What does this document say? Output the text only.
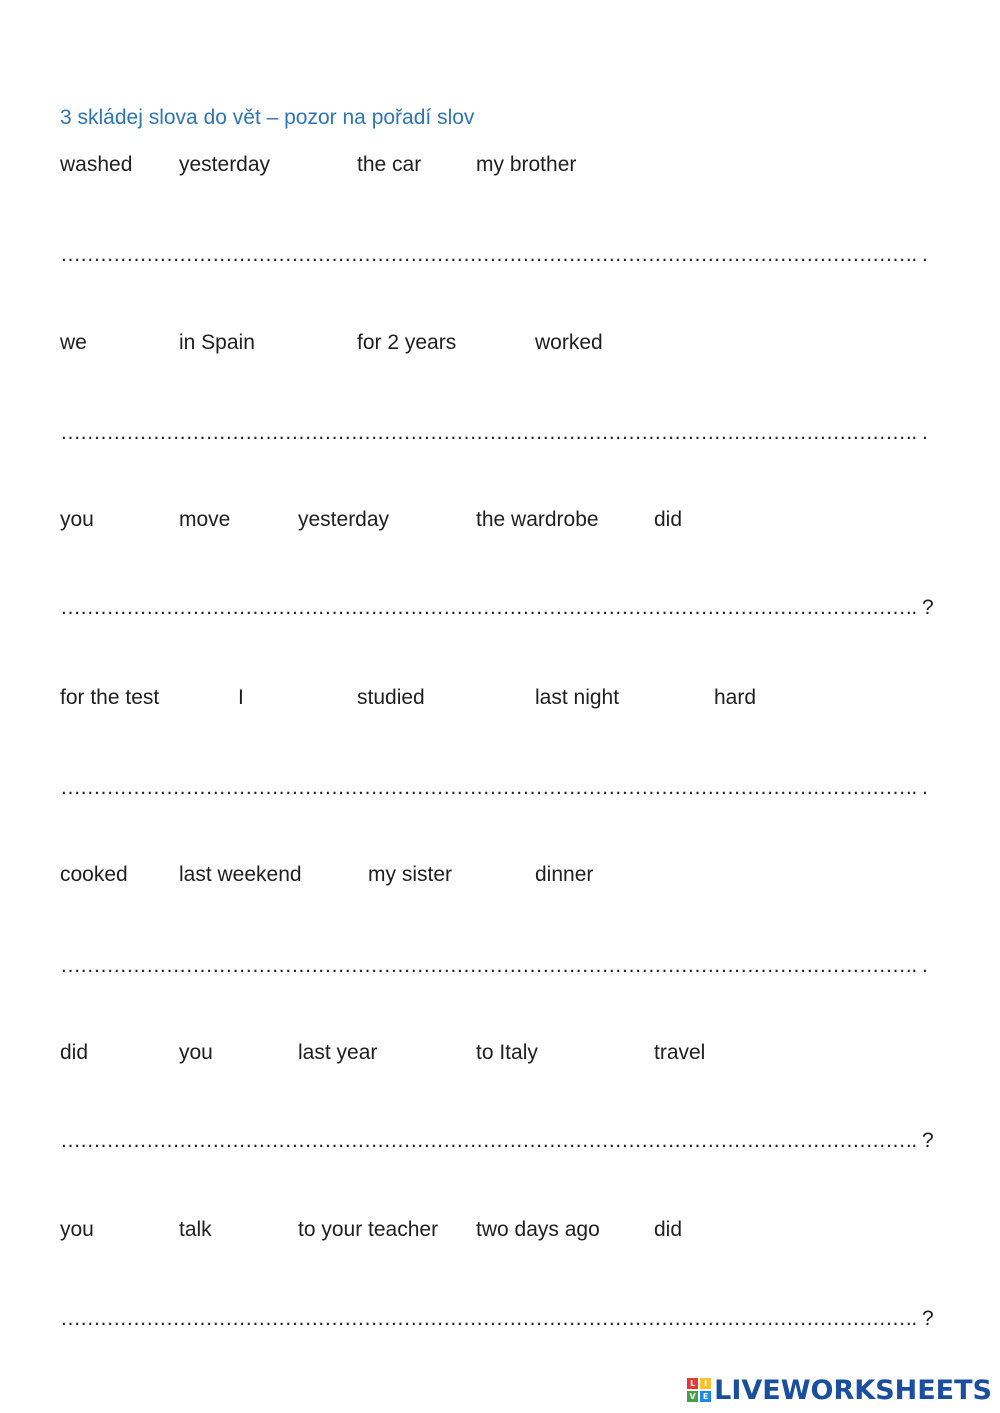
3 skládej slova do vět – pozor na pořadí slov
washed yesterday	the car	my brother
…………………………………………………………………………………………………………………. .
we	in Spain	for 2 years	worked
…………………………………………………………………………………………………………………. .
you	move	yesterday	the wardrobe	did
…………………………………………………………………………………………………………………. ?
for the test	I	studied	last night	hard
…………………………………………………………………………………………………………………. .
cooked last weekend	my sister	dinner
…………………………………………………………………………………………………………………. .
did	you	last year	to Italy	travel
…………………………………………………………………………………………………………………. ?
you	talk	to your teacher two days ago	did
…………………………………………………………………………………………………………………. ?
L	I
V E LIVEWORKSHEETS
